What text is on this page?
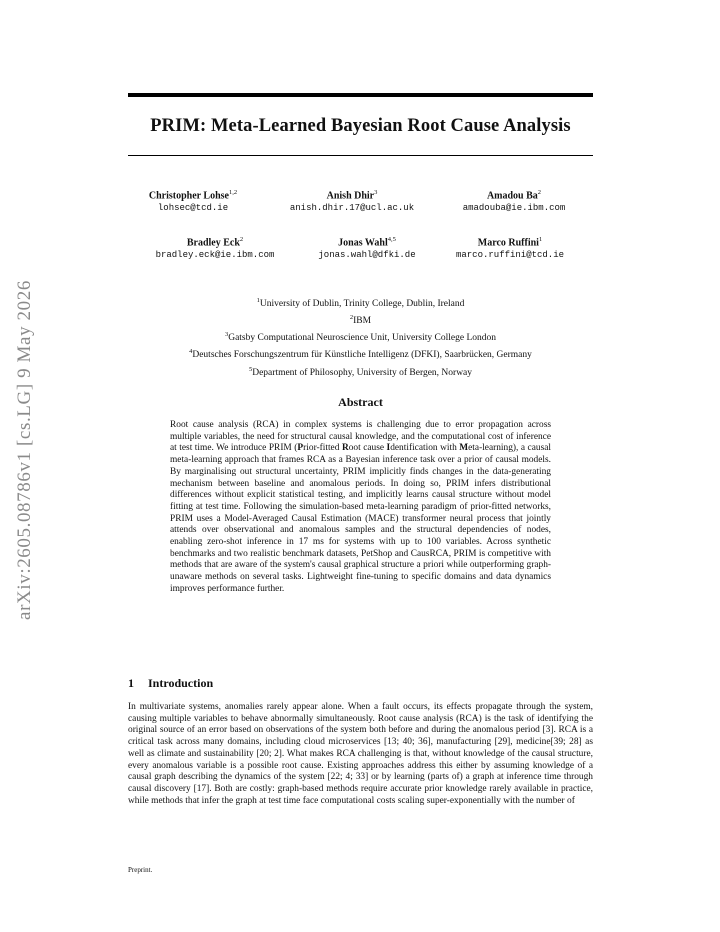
arXiv:2605.08786v1 [cs.LG] 9 May 2026
PRIM: Meta-Learned Bayesian Root Cause Analysis
Christopher Lohse$^{1,2}$
lohsec@tcd.ie
Anish Dhir$^3$
anish.dhir.17@ucl.ac.uk
Amadou Ba$^2$
amadouba@ie.ibm.com
Bradley Eck$^2$
bradley.eck@ie.ibm.com
Jonas Wahl$^{4,5}$
jonas.wahl@dfki.de
Marco Ruffini$^1$
marco.ruffini@tcd.ie
$^1$University of Dublin, Trinity College, Dublin, Ireland
$^2$IBM
$^3$Gatsby Computational Neuroscience Unit, University College London
$^4$Deutsches Forschungszentrum für Künstliche Intelligenz (DFKI), Saarbrücken, Germany
$^5$Department of Philosophy, University of Bergen, Norway
Abstract
Root cause analysis (RCA) in complex systems is challenging due to error propagation across multiple variables, the need for structural causal knowledge, and the computational cost of inference at test time. We introduce PRIM (Prior-fitted Root cause Identification with Meta-learning), a causal meta-learning approach that frames RCA as a Bayesian inference task over a prior of causal models. By marginalising out structural uncertainty, PRIM implicitly finds changes in the data-generating mechanism between baseline and anomalous periods. In doing so, PRIM infers distributional differences without explicit statistical testing, and implicitly learns causal structure without model fitting at test time. Following the simulation-based meta-learning paradigm of prior-fitted networks, PRIM uses a Model-Averaged Causal Estimation (MACE) transformer neural process that jointly attends over observational and anomalous samples and the structural dependencies of nodes, enabling zero-shot inference in 17 ms for systems with up to 100 variables. Across synthetic benchmarks and two realistic benchmark datasets, PetShop and CausRCA, PRIM is competitive with methods that are aware of the system's causal graphical structure a priori while outperforming graph-unaware methods on several tasks. Lightweight fine-tuning to specific domains and data dynamics improves performance further.
1 Introduction
In multivariate systems, anomalies rarely appear alone. When a fault occurs, its effects propagate through the system, causing multiple variables to behave abnormally simultaneously. Root cause analysis (RCA) is the task of identifying the original source of an error based on observations of the system both before and during the anomalous period [3]. RCA is a critical task across many domains, including cloud microservices [13; 40; 36], manufacturing [29], medicine[39; 28] as well as climate and sustainability [20; 2]. What makes RCA challenging is that, without knowledge of the causal structure, every anomalous variable is a possible root cause. Existing approaches address this either by assuming knowledge of a causal graph describing the dynamics of the system [22; 4; 33] or by learning (parts of) a graph at inference time through causal discovery [17]. Both are costly: graph-based methods require accurate prior knowledge rarely available in practice, while methods that infer the graph at test time face computational costs scaling super-exponentially with the number of
Preprint.
